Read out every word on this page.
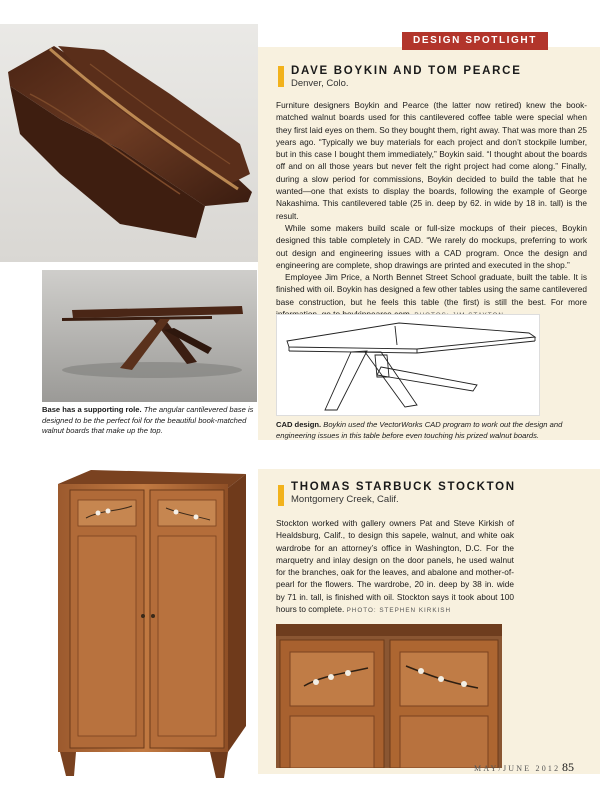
DESIGN SPOTLIGHT
DAVE BOYKIN AND TOM PEARCE
Denver, Colo.

Furniture designers Boykin and Pearce (the latter now retired) knew the book-matched walnut boards used for this cantilevered coffee table were special when they first laid eyes on them. So they bought them, right away. That was more than 25 years ago. “Typically we buy materials for each project and don’t stockpile lumber, but in this case I bought them immediately,” Boykin said. “I thought about the boards off and on all those years but never felt the right project had come along.” Finally, during a slow period for commissions, Boykin decided to build the table that he wanted—one that exists to display the boards, following the example of George Nakashima. This cantilevered table (25 in. deep by 62. in wide by 18 in. tall) is the result.

While some makers build scale or full-size mockups of their pieces, Boykin designed this table completely in CAD. “We rarely do mockups, preferring to work out design and engineering issues with a CAD program. Once the design and engineering are complete, shop drawings are printed and executed in the shop.”

Employee Jim Price, a North Bennet Street School graduate, built the table. It is finished with oil. Boykin has designed a few other tables using the same cantilevered base construction, but he feels this table (the first) is still the best. For more

Base has a supporting role. The angular cantilevered base is designed to be the perfect foil for the beautiful book-matched walnut boards that make up the top.
CAD design. Boykin used the VectorWorks CAD program to work out the design and engineering issues in this table before even touching his prized walnut boards.
THOMAS STARBUCK STOCKTON
Montgomery Creek, Calif.

Stockton worked with gallery owners Pat and Steve Kirkish of Healdsburg, Calif., to design this sapele, walnut, and white oak wardrobe for an attorney’s office in Washington, D.C. For the marquetry and inlay design on the door panels, he used walnut for the branches, oak for the leaves, and abalone and mother-of-pearl for the flowers. The wardrobe, 20 in. deep by 38 in. wide by 71 in. tall, is finished with oil. Stockton says it took about 100 hours to complete. PHOTO: STEPHEN KIRKISH

MAY/JUNE 2012 85
